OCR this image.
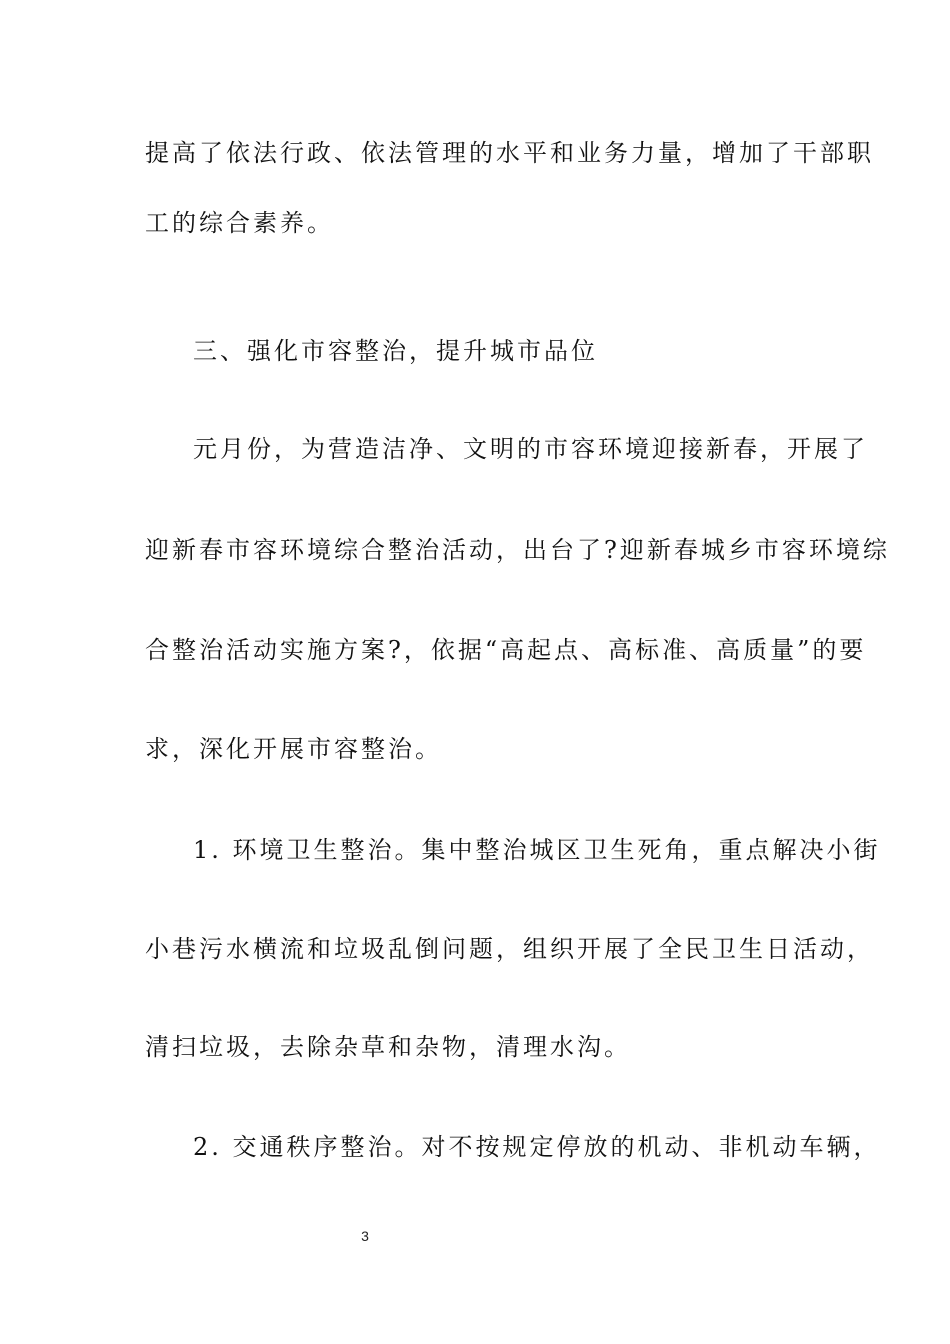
提高了依法行政、依法管理的水平和业务力量，增加了干部职
工的综合素养。
三、强化市容整治，提升城市品位
元月份，为营造洁净、文明的市容环境迎接新春，开展了
迎新春市容环境综合整治活动，出台了?迎新春城乡市容环境综
合整治活动实施方案?，依据“高起点、高标准、高质量”的要
求，深化开展市容整治。
1. 环境卫生整治。集中整治城区卫生死角，重点解决小街
小巷污水横流和垃圾乱倒问题，组织开展了全民卫生日活动，
清扫垃圾，去除杂草和杂物，清理水沟。
2. 交通秩序整治。对不按规定停放的机动、非机动车辆，
3
